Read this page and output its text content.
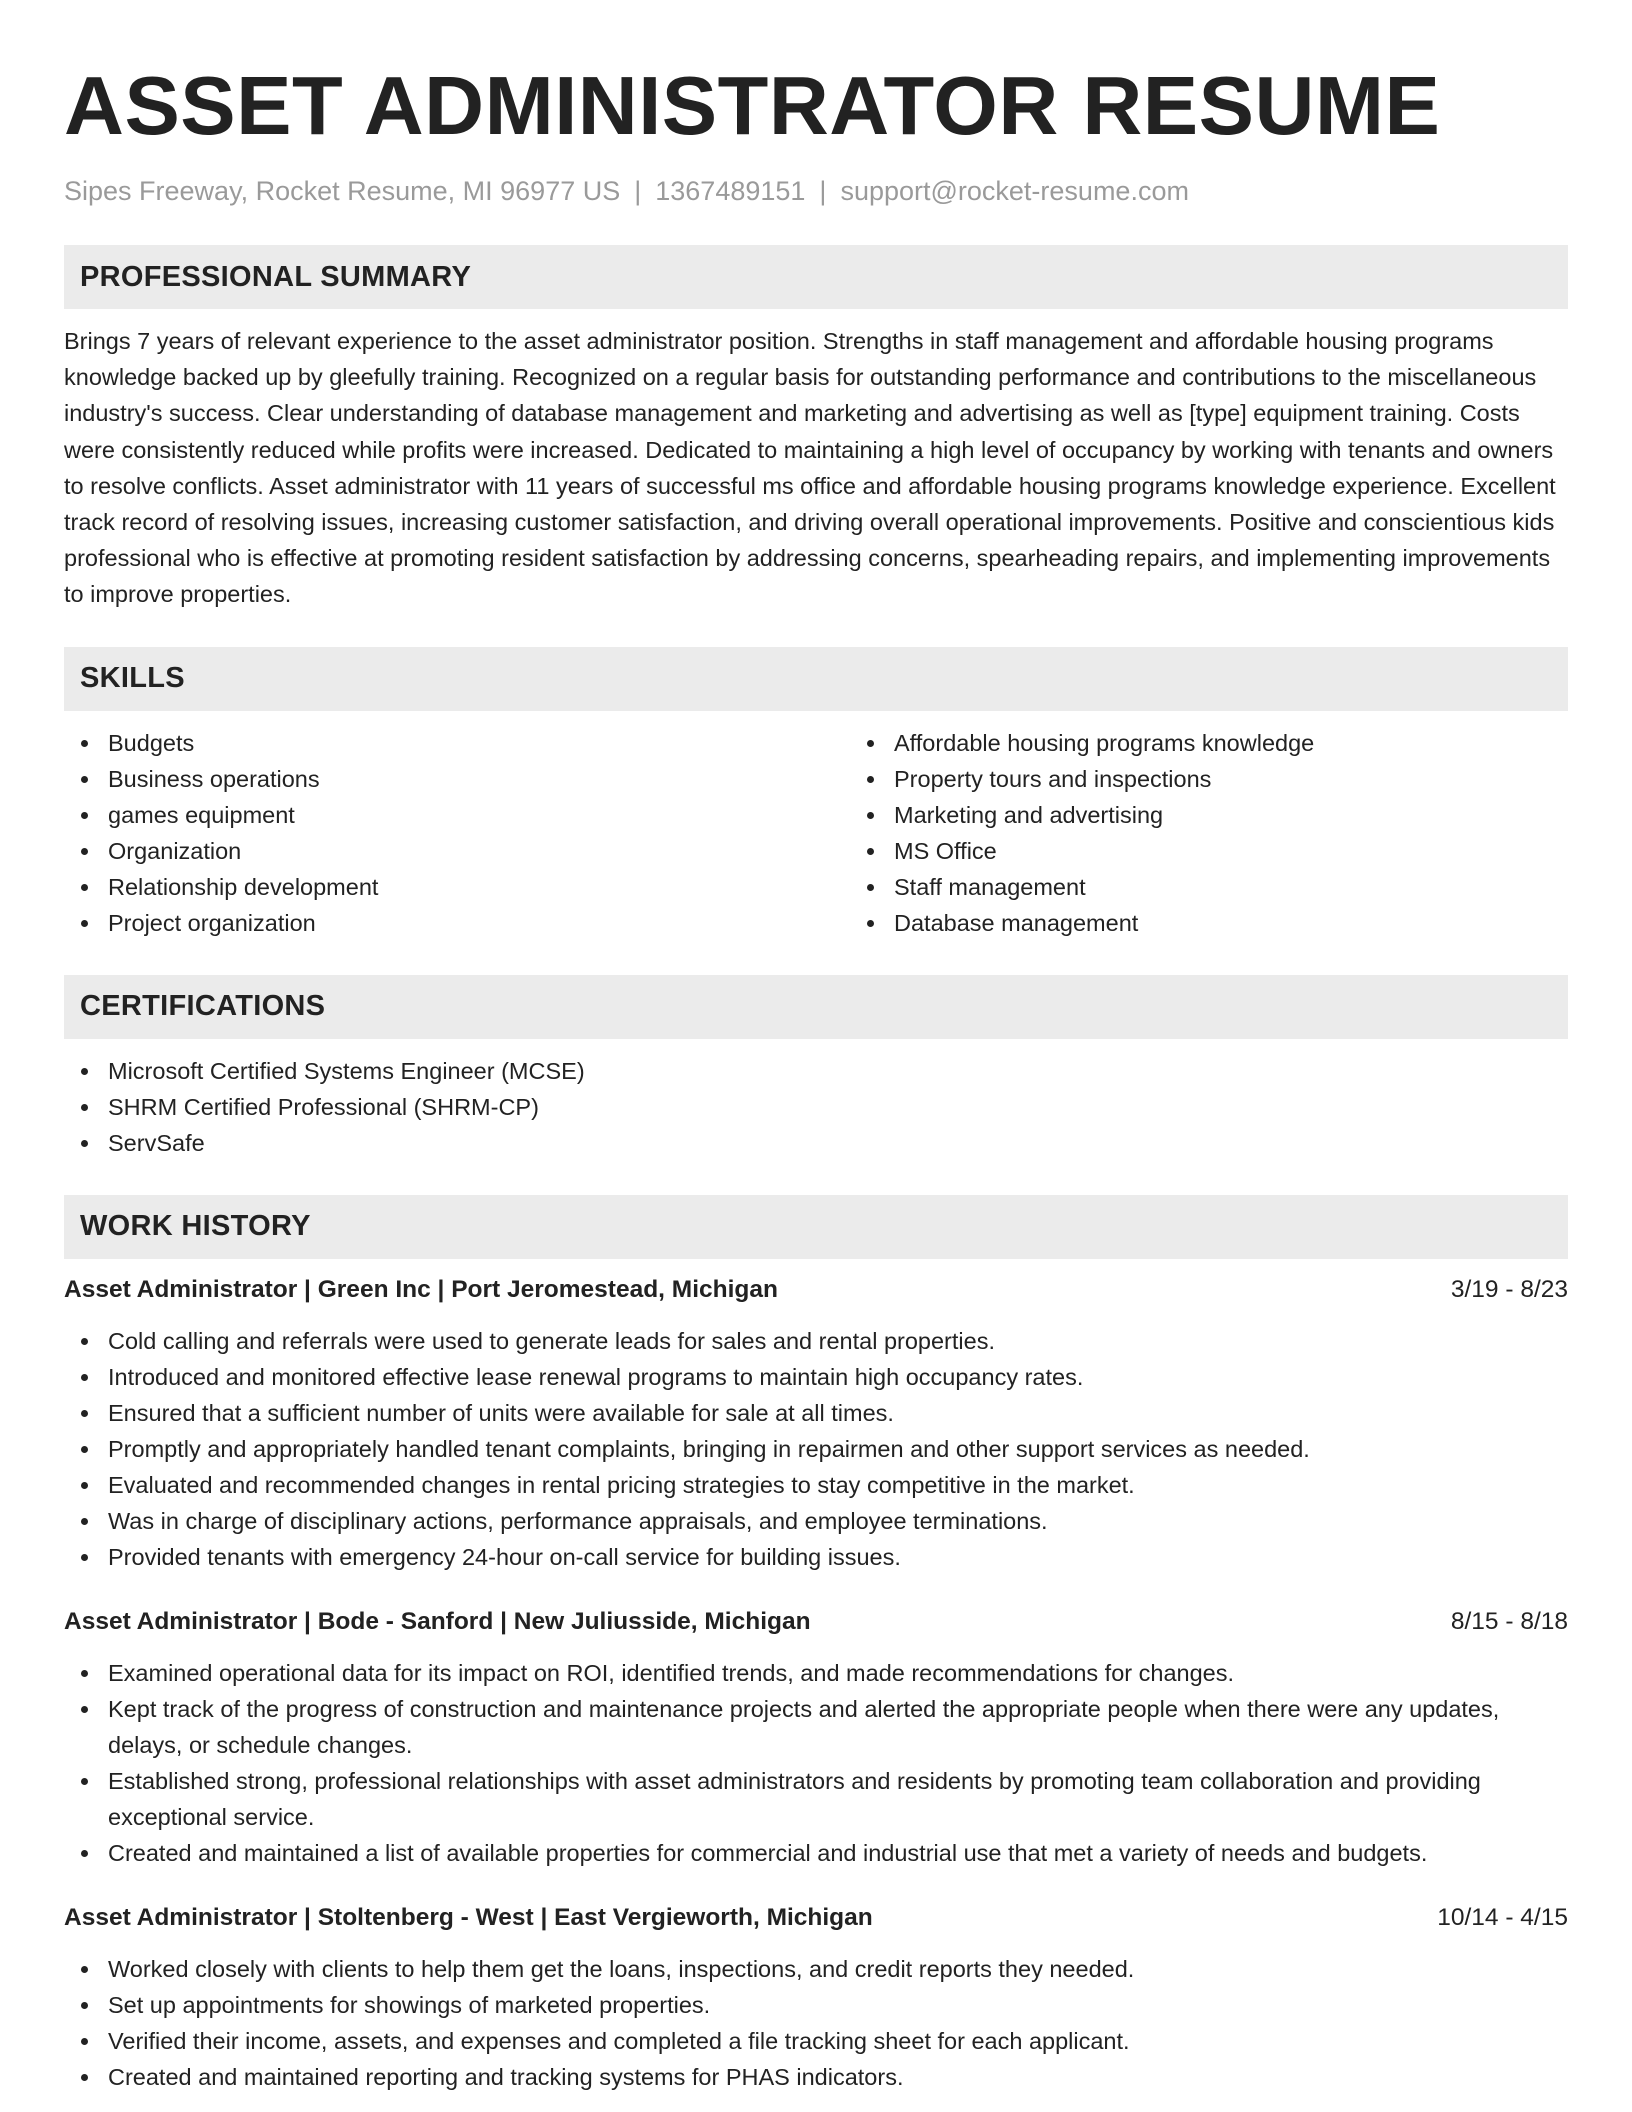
ASSET ADMINISTRATOR RESUME
Sipes Freeway, Rocket Resume, MI 96977 US | 1367489151 | support@rocket-resume.com
PROFESSIONAL SUMMARY

Brings 7 years of relevant experience to the asset administrator position. Strengths in staff management and affordable housing programs knowledge backed up by gleefully training. Recognized on a regular basis for outstanding performance and contributions to the miscellaneous industry's success. Clear understanding of database management and marketing and advertising as well as [type] equipment training. Costs were consistently reduced while profits were increased. Dedicated to maintaining a high level of occupancy by working with tenants and owners to resolve conflicts. Asset administrator with 11 years of successful ms office and affordable housing programs knowledge experience. Excellent track record of resolving issues, increasing customer satisfaction, and driving overall operational improvements. Positive and conscientious kids professional who is effective at promoting resident satisfaction by addressing concerns, spearheading repairs, and implementing improvements to improve properties.

SKILLS
Budgets
Business operations
games equipment
Organization
Relationship development
Project organization
Affordable housing programs knowledge
Property tours and inspections
Marketing and advertising
MS Office
Staff management
Database management
CERTIFICATIONS
Microsoft Certified Systems Engineer (MCSE)
SHRM Certified Professional (SHRM-CP)
ServSafe
WORK HISTORY
Asset Administrator | Green Inc | Port Jeromestead, Michigan	3/19 - 8/23
Cold calling and referrals were used to generate leads for sales and rental properties.
Introduced and monitored effective lease renewal programs to maintain high occupancy rates.
Ensured that a sufficient number of units were available for sale at all times.
Promptly and appropriately handled tenant complaints, bringing in repairmen and other support services as needed.
Evaluated and recommended changes in rental pricing strategies to stay competitive in the market.
Was in charge of disciplinary actions, performance appraisals, and employee terminations.
Provided tenants with emergency 24-hour on-call service for building issues.
Asset Administrator | Bode - Sanford | New Juliusside, Michigan	8/15 - 8/18
Examined operational data for its impact on ROI, identified trends, and made recommendations for changes.
Kept track of the progress of construction and maintenance projects and alerted the appropriate people when there were any updates, delays, or schedule changes.
Established strong, professional relationships with asset administrators and residents by promoting team collaboration and providing exceptional service.
Created and maintained a list of available properties for commercial and industrial use that met a variety of needs and budgets.
Asset Administrator | Stoltenberg - West | East Vergieworth, Michigan	10/14 - 4/15
Worked closely with clients to help them get the loans, inspections, and credit reports they needed.
Set up appointments for showings of marketed properties.
Verified their income, assets, and expenses and completed a file tracking sheet for each applicant.
Created and maintained reporting and tracking systems for PHAS indicators.
